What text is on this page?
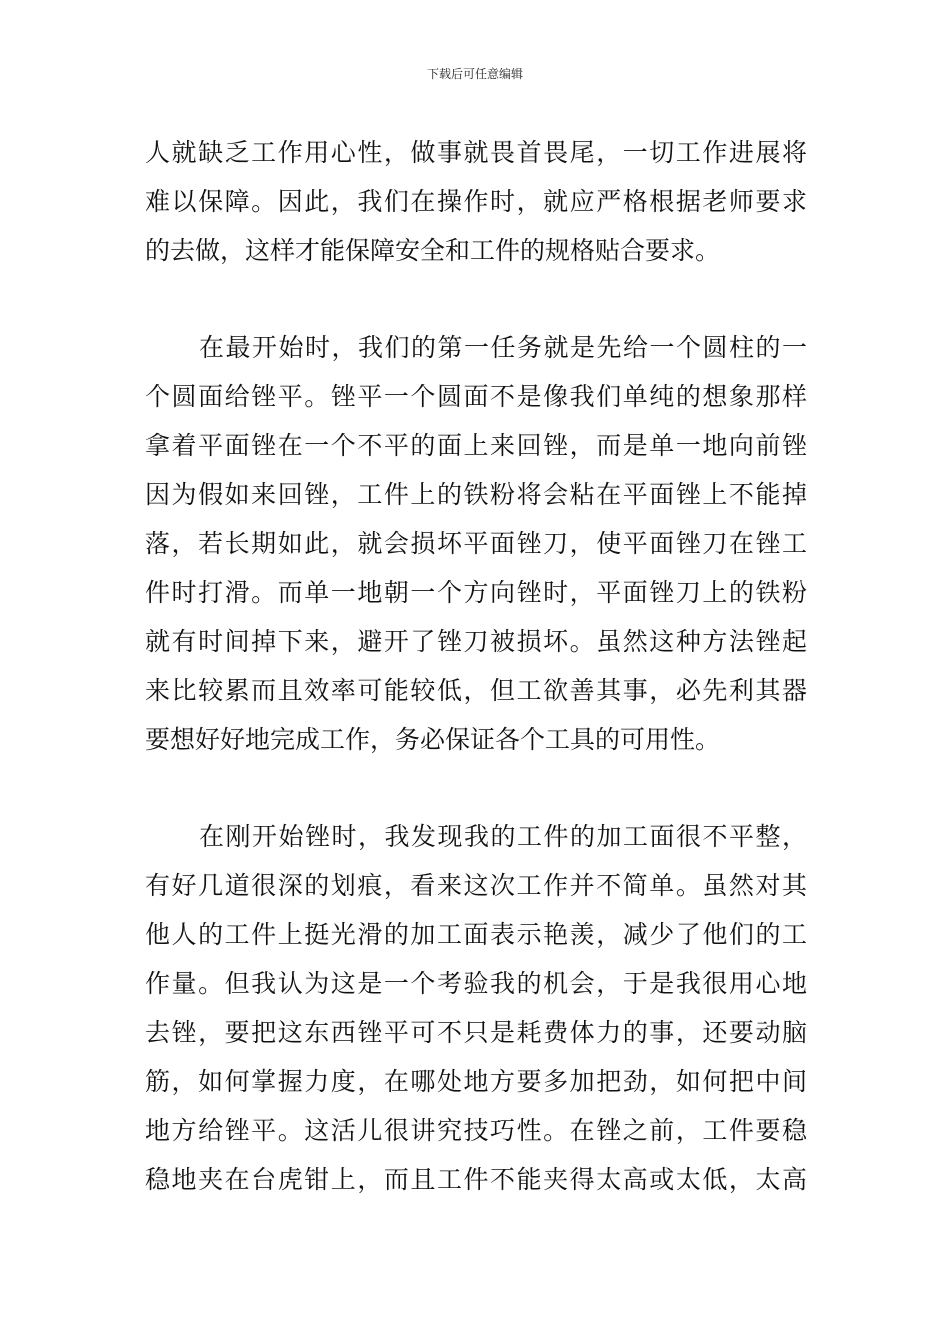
下载后可任意编辑
人就缺乏工作用心性，做事就畏首畏尾，一切工作进展将
难以保障。因此，我们在操作时，就应严格根据老师要求
的去做，这样才能保障安全和工件的规格贴合要求。
在最开始时，我们的第一任务就是先给一个圆柱的一
个圆面给锉平。锉平一个圆面不是像我们单纯的想象那样
拿着平面锉在一个不平的面上来回锉，而是单一地向前锉
因为假如来回锉，工件上的铁粉将会粘在平面锉上不能掉
落，若长期如此，就会损坏平面锉刀，使平面锉刀在锉工
件时打滑。而单一地朝一个方向锉时，平面锉刀上的铁粉
就有时间掉下来，避开了锉刀被损坏。虽然这种方法锉起
来比较累而且效率可能较低，但工欲善其事，必先利其器
要想好好地完成工作，务必保证各个工具的可用性。
在刚开始锉时，我发现我的工件的加工面很不平整，
有好几道很深的划痕，看来这次工作并不简单。虽然对其
他人的工件上挺光滑的加工面表示艳羡，减少了他们的工
作量。但我认为这是一个考验我的机会，于是我很用心地
去锉，要把这东西锉平可不只是耗费体力的事，还要动脑
筋，如何掌握力度，在哪处地方要多加把劲，如何把中间
地方给锉平。这活儿很讲究技巧性。在锉之前，工件要稳
稳地夹在台虎钳上，而且工件不能夹得太高或太低，太高
